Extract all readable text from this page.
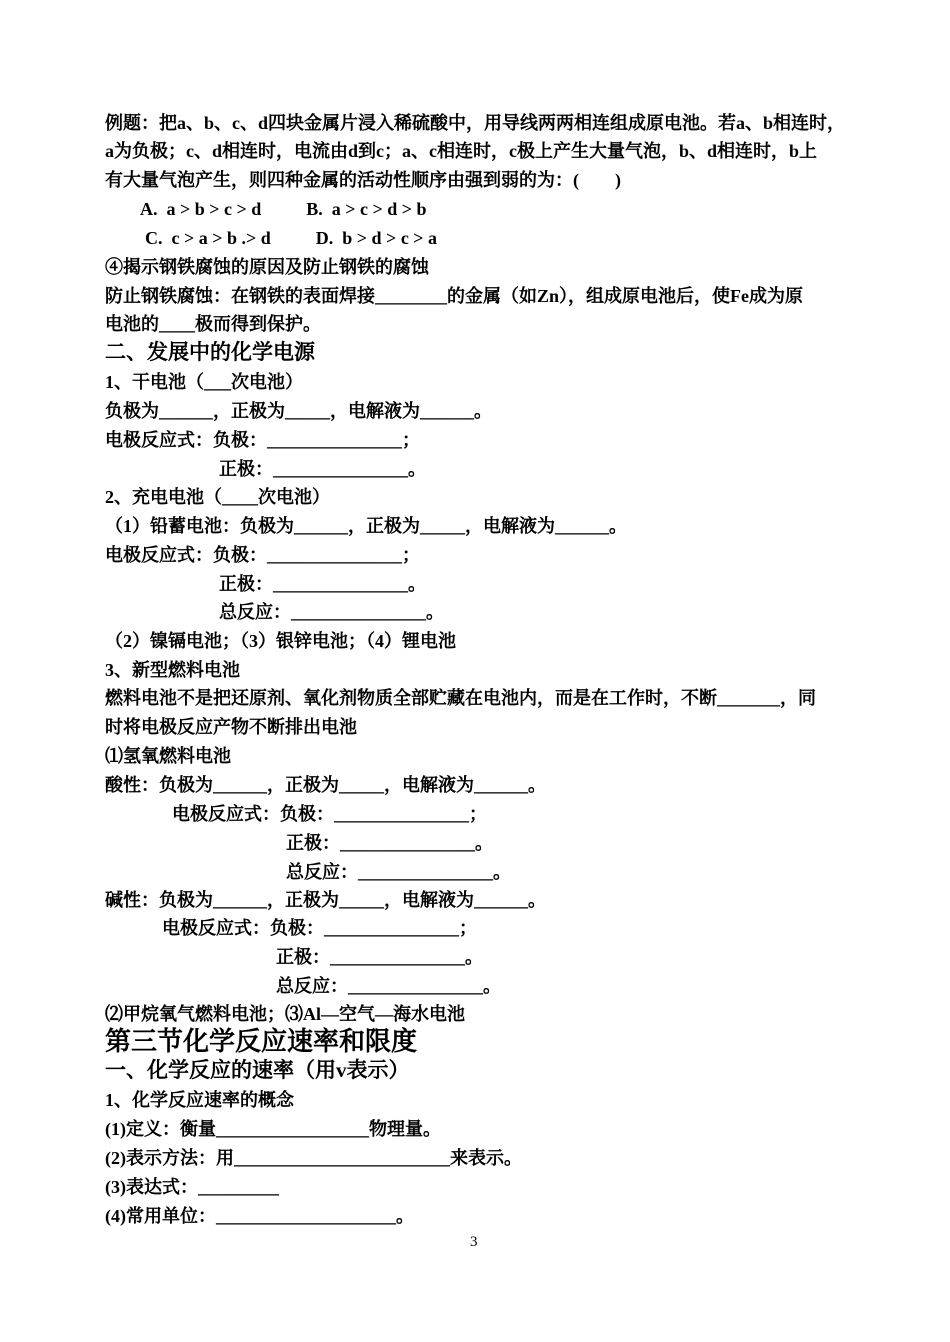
例题：把a、b、c、d四块金属片浸入稀硫酸中，用导线两两相连组成原电池。若a、b相连时，
a为负极；c、d相连时，电流由d到c；a、c相连时，c极上产生大量气泡，b、d相连时，b上
有大量气泡产生，则四种金属的活动性顺序由强到弱的为：(　　)
A.  a > b > c > d          B.  a > c > d > b
C.  c > a > b .> d          D.  b > d > c > a
④揭示钢铁腐蚀的原因及防止钢铁的腐蚀
防止钢铁腐蚀：在钢铁的表面焊接________的金属（如Zn），组成原电池后，使Fe成为原
电池的____极而得到保护。
二、发展中的化学电源
1、干电池（___次电池）
负极为______，正极为_____，电解液为______。
电极反应式：负极：_______________；
正极：_______________。
2、充电电池（____次电池）
（1）铅蓄电池：负极为______，正极为_____，电解液为______。
电极反应式：负极：_______________；
正极：_______________。
总反应：_______________。
（2）镍镉电池；（3）银锌电池；（4）锂电池
3、新型燃料电池
燃料电池不是把还原剂、氧化剂物质全部贮藏在电池内，而是在工作时，不断_______，同
时将电极反应产物不断排出电池
⑴氢氧燃料电池
酸性：负极为______，正极为_____，电解液为______。
电极反应式：负极：_______________；
正极：_______________。
总反应：_______________。
碱性：负极为______，正极为_____，电解液为______。
电极反应式：负极：_______________；
正极：_______________。
总反应：_______________。
⑵甲烷氧气燃料电池；⑶Al—空气—海水电池
第三节化学反应速率和限度
一、化学反应的速率（用v表示）
1、化学反应速率的概念
(1)定义：衡量_________________物理量。
(2)表示方法：用________________________来表示。
(3)表达式：_________
(4)常用单位：____________________。
3
